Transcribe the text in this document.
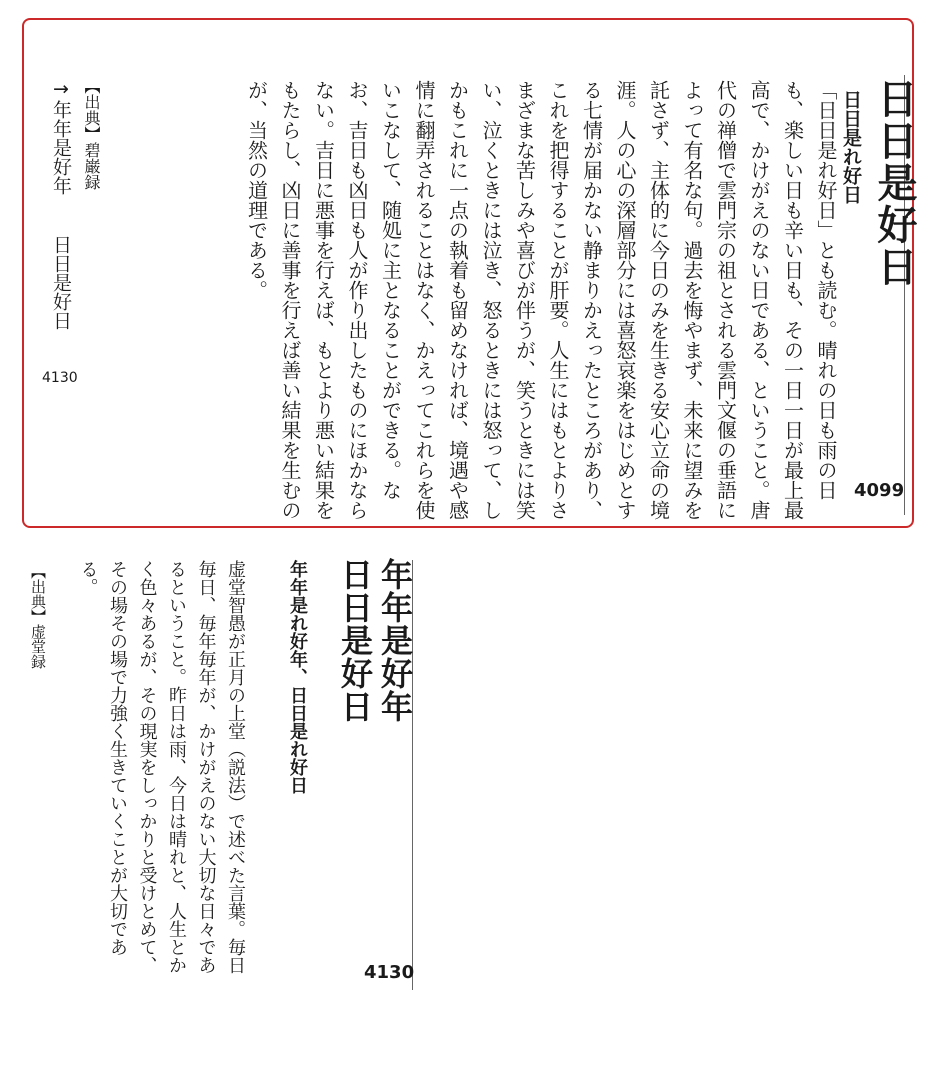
4099
日日是好日
日日是れ好日
「日日是れ好日」とも読む。晴れの日も雨の日も、楽しい日も辛い日も、その一日一日が最上最高で、かけがえのない日である、ということ。唐代の禅僧で雲門宗の祖とされる雲門文偃の垂語によって有名な句。過去を悔やまず、未来に望みを託さず、主体的に今日のみを生きる安心立命の境涯。人の心の深層部分には喜怒哀楽をはじめとする七情が届かない静まりかえったところがあり、これを把得することが肝要。人生にはもとよりさまざまな苦しみや喜びが伴うが、笑うときには笑い、泣くときには泣き、怒るときには怒って、しかもこれに一点の執着も留めなければ、境遇や感情に翻弄されることはなく、かえってこれらを使いこなして、随処に主となることができる。なお、吉日も凶日も人が作り出したものにほかならない。吉日に悪事を行えば、もとより悪い結果をもたらし、凶日に善事を行えば善い結果を生むのが、当然の道理である。
【出典】碧巌録
→年年是好年
日日是好日
4130
4130
年年是好年
日日是好日
年年是れ好年、日日是れ好日
虚堂智愚が正月の上堂（説法）で述べた言葉。毎日毎日、毎年毎年が、かけがえのない大切な日々であるということ。昨日は雨、今日は晴れと、人生とかく色々あるが、その現実をしっかりと受けとめて、その場その場で力強く生きていくことが大切である。
【出典】虚堂録
